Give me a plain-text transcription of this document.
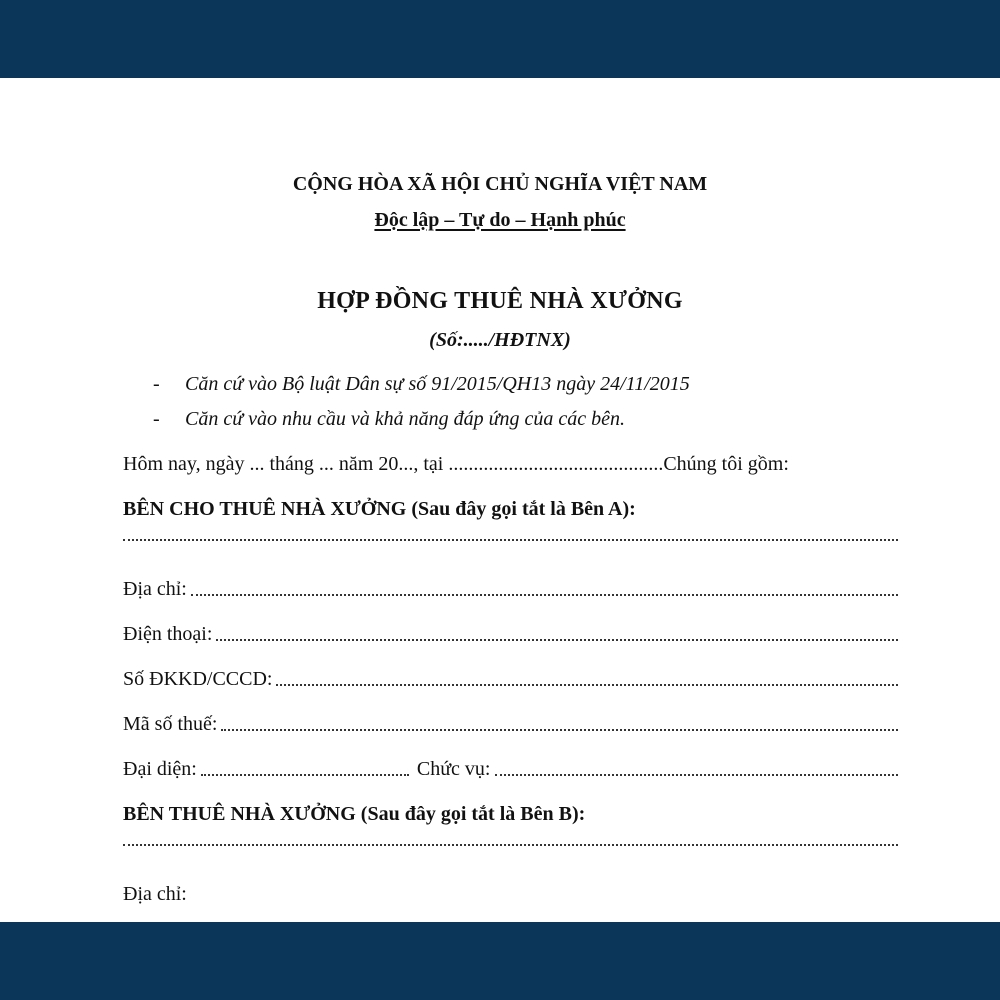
CỘNG HÒA XÃ HỘI CHỦ NGHĨA VIỆT NAM
Độc lập – Tự do – Hạnh phúc
HỢP ĐỒNG THUÊ NHÀ XƯỞNG
(Số:...../HĐTNX)
- Căn cứ vào Bộ luật Dân sự số 91/2015/QH13 ngày 24/11/2015
- Căn cứ vào nhu cầu và khả năng đáp ứng của các bên.
Hôm nay, ngày ... tháng ... năm 20..., tại ...........................................Chúng tôi gồm:
BÊN CHO THUÊ NHÀ XƯỞNG (Sau đây gọi tắt là Bên A):
Địa chỉ:
Điện thoại:
Số ĐKKD/CCCD:
Mã số thuế:
Đại diện:	Chức vụ:
BÊN THUÊ NHÀ XƯỞNG (Sau đây gọi tắt là Bên B):
Địa chỉ:
